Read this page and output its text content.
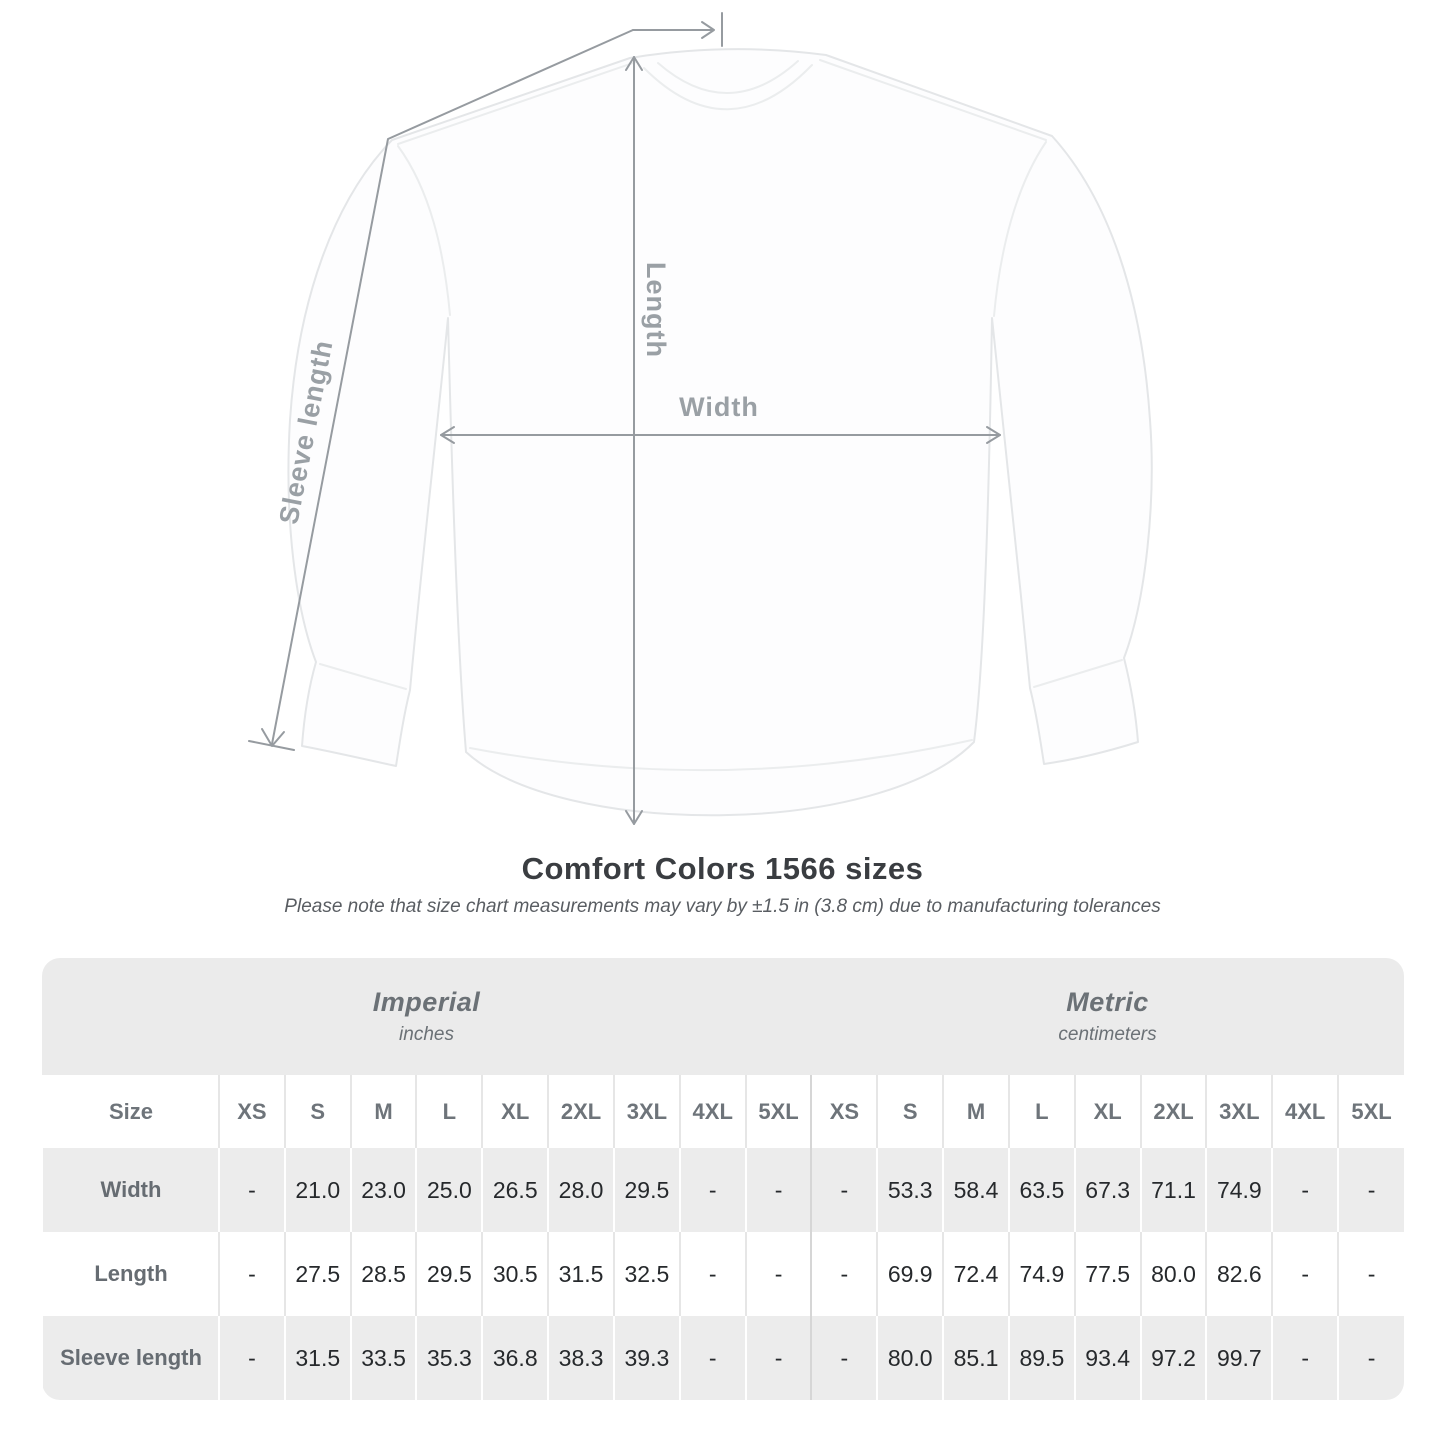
Length
Width
Sleeve length
Comfort Colors 1566 sizes
Please note that size chart measurements may vary by ±1.5 in (3.8 cm) due to manufacturing tolerances
Imperial
inches
Metric
centimeters
Size	XS	S	M	L	XL	2XL	3XL	4XL	5XL	XS	S	M	L	XL	2XL	3XL	4XL	5XL
Width	-	21.0	23.0	25.0	26.5	28.0	29.5	-	-	-	53.3	58.4	63.5	67.3	71.1	74.9	-	-
Length	-	27.5	28.5	29.5	30.5	31.5	32.5	-	-	-	69.9	72.4	74.9	77.5	80.0	82.6	-	-
Sleeve length	-	31.5	33.5	35.3	36.8	38.3	39.3	-	-	-	80.0	85.1	89.5	93.4	97.2	99.7	-	-
